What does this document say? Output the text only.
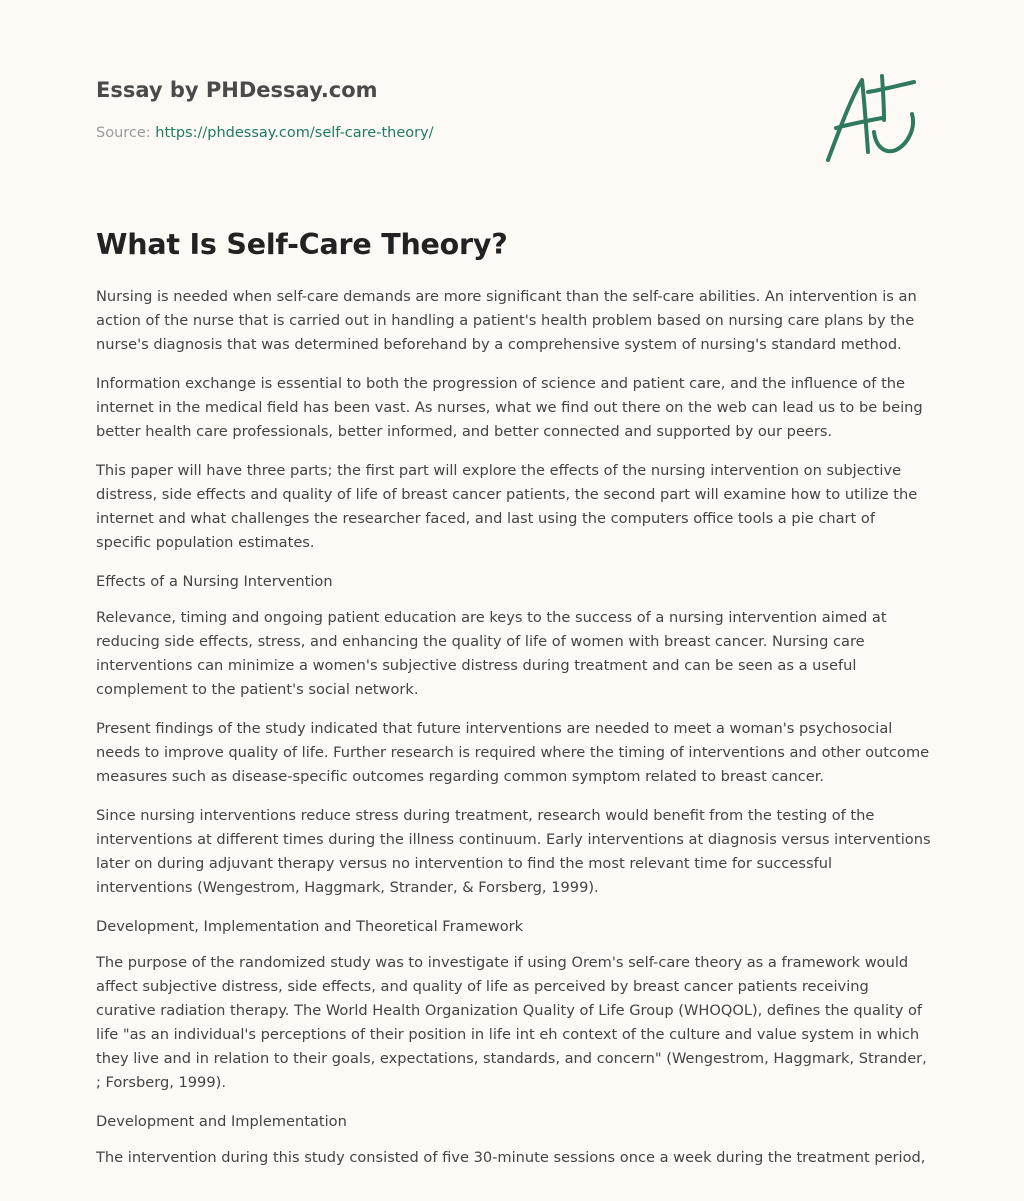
Essay by PHDessay.com
Source: https://phdessay.com/self-care-theory/
What Is Self-Care Theory?

Nursing is needed when self-care demands are more significant than the self-care abilities. An intervention is an action of the nurse that is carried out in handling a patient's health problem based on nursing care plans by the nurse's diagnosis that was determined beforehand by a comprehensive system of nursing's standard method.

Information exchange is essential to both the progression of science and patient care, and the influence of the internet in the medical field has been vast. As nurses, what we find out there on the web can lead us to be being better health care professionals, better informed, and better connected and supported by our peers.

This paper will have three parts; the first part will explore the effects of the nursing intervention on subjective distress, side effects and quality of life of breast cancer patients, the second part will examine how to utilize the internet and what challenges the researcher faced, and last using the computers office tools a pie chart of specific population estimates.

Effects of a Nursing Intervention

Relevance, timing and ongoing patient education are keys to the success of a nursing intervention aimed at reducing side effects, stress, and enhancing the quality of life of women with breast cancer. Nursing care interventions can minimize a women's subjective distress during treatment and can be seen as a useful complement to the patient's social network.

Present findings of the study indicated that future interventions are needed to meet a woman's psychosocial needs to improve quality of life. Further research is required where the timing of interventions and other outcome measures such as disease-specific outcomes regarding common symptom related to breast cancer.

Since nursing interventions reduce stress during treatment, research would benefit from the testing of the interventions at different times during the illness continuum. Early interventions at diagnosis versus interventions later on during adjuvant therapy versus no intervention to find the most relevant time for successful interventions (Wengestrom, Haggmark, Strander, & Forsberg, 1999).

Development, Implementation and Theoretical Framework

The purpose of the randomized study was to investigate if using Orem's self-care theory as a framework would affect subjective distress, side effects, and quality of life as perceived by breast cancer patients receiving curative radiation therapy. The World Health Organization Quality of Life Group (WHOQOL), defines the quality of life "as an individual's perceptions of their position in life int eh context of the culture and value system in which they live and in relation to their goals, expectations, standards, and concern" (Wengestrom, Haggmark, Strander, ; Forsberg, 1999).

Development and Implementation

The intervention during this study consisted of five 30-minute sessions once a week during the treatment period,
